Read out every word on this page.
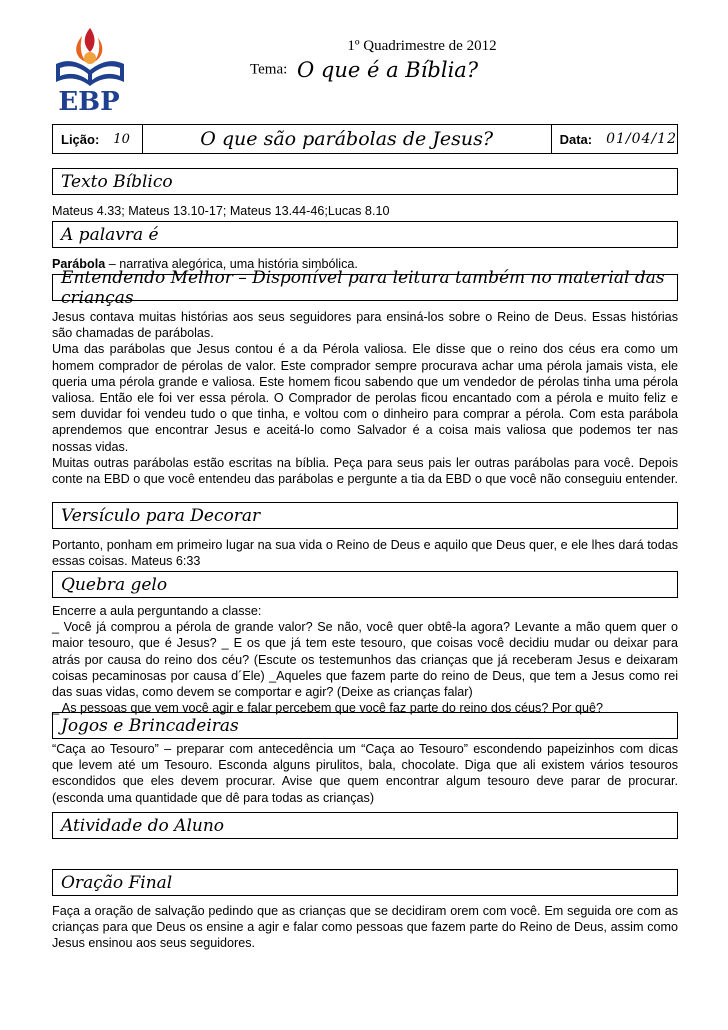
EBP
1º Quadrimestre de 2012
Tema: O que é a Bíblia?
Lição: 10	O que são parábolas de Jesus?	Data: 01/04/12
Texto Bíblico

Mateus 4.33; Mateus 13.10-17; Mateus 13.44-46;Lucas 8.10

A palavra é

Parábola – narrativa alegórica, uma história simbólica.

Entendendo Melhor – Disponível para leitura também no material das crianças

Jesus contava muitas histórias aos seus seguidores para ensiná-los sobre o Reino de Deus. Essas histórias são chamadas de parábolas.

Uma das parábolas que Jesus contou é a da Pérola valiosa. Ele disse que o reino dos céus era como um homem comprador de pérolas de valor. Este comprador sempre procurava achar uma pérola jamais vista, ele queria uma pérola grande e valiosa. Este homem ficou sabendo que um vendedor de pérolas tinha uma pérola valiosa. Então ele foi ver essa pérola. O Comprador de perolas ficou encantado com a pérola e muito feliz e sem duvidar foi vendeu tudo o que tinha, e voltou com o dinheiro para comprar a pérola. Com esta parábola aprendemos que encontrar Jesus e aceitá-lo como Salvador é a coisa mais valiosa que podemos ter nas nossas vidas.

Muitas outras parábolas estão escritas na bíblia. Peça para seus pais ler outras parábolas para você. Depois conte na EBD o que você entendeu das parábolas e pergunte a tia da EBD o que você não conseguiu entender.

Versículo para Decorar

Portanto, ponham em primeiro lugar na sua vida o Reino de Deus e aquilo que Deus quer, e ele lhes dará todas essas coisas. Mateus 6:33

Quebra gelo

Encerre a aula perguntando a classe:

_ Você já comprou a pérola de grande valor? Se não, você quer obtê-la agora? Levante a mão quem quer o maior tesouro, que é Jesus? _ E os que já tem este tesouro, que coisas você decidiu mudar ou deixar para atrás por causa do reino dos céu? (Escute os testemunhos das crianças que já receberam Jesus e deixaram coisas pecaminosas por causa d´Ele) _Aqueles que fazem parte do reino de Deus, que tem a Jesus como rei das suas vidas, como devem se comportar e agir? (Deixe as crianças falar)

_ As pessoas que vem você agir e falar percebem que você faz parte do reino dos céus? Por quê?

Jogos e Brincadeiras

“Caça ao Tesouro” – preparar com antecedência um “Caça ao Tesouro” escondendo papeizinhos com dicas que levem até um Tesouro. Esconda alguns pirulitos, bala, chocolate. Diga que ali existem vários tesouros escondidos que eles devem procurar. Avise que quem encontrar algum tesouro deve parar de procurar. (esconda uma quantidade que dê para todas as crianças)

Atividade do Aluno
Oração Final

Faça a oração de salvação pedindo que as crianças que se decidiram orem com você. Em seguida ore com as crianças para que Deus os ensine a agir e falar como pessoas que fazem parte do Reino de Deus, assim como Jesus ensinou aos seus seguidores.
